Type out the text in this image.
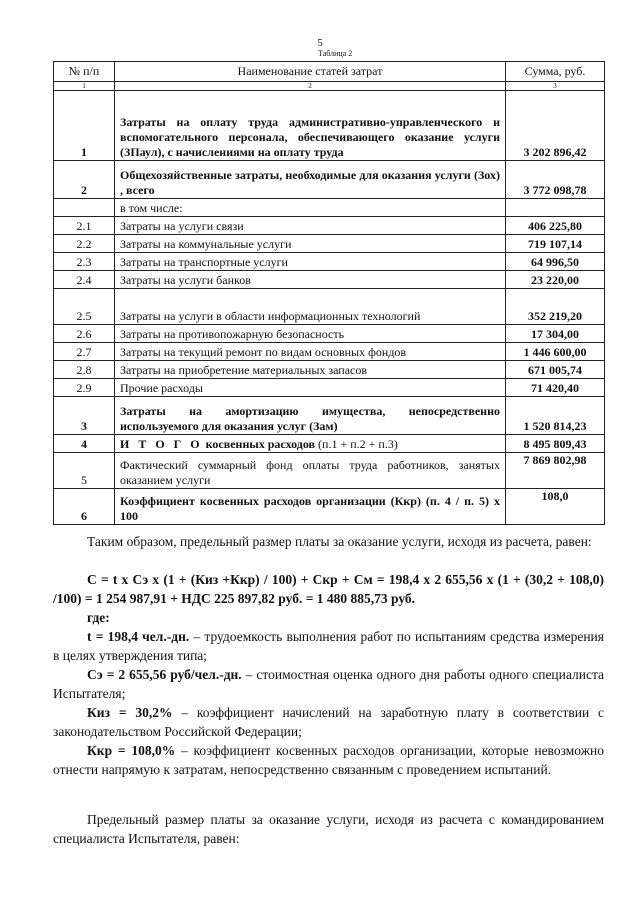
5
Таблица 2
№ п/п	Наименование статей затрат	Сумма, руб.
1	2	3
1	Затраты на оплату труда административно-управленческого и вспомогательного персонала, обеспечивающего оказание услуги (ЗПаул), с начислениями на оплату труда	3 202 896,42
2	Общехозяйственные затраты, необходимые для оказания услуги (Зох) , всего	3 772 098,78
	в том числе:	
2.1	Затраты на услуги связи	406 225,80
2.2	Затраты на коммунальные услуги	719 107,14
2.3	Затраты на транспортные услуги	64 996,50
2.4	Затраты на услуги банков	23 220,00
2.5	Затраты на услуги в области информационных технологий	352 219,20
2.6	Затраты на противопожарную безопасность	17 304,00
2.7	Затраты на текущий ремонт по видам основных фондов	1 446 600,00
2.8	Затраты на приобретение материальных запасов	671 005,74
2.9	Прочие расходы	71 420,40
3	Затраты на амортизацию имущества, непосредственно используемого для оказания услуг (Зам)	1 520 814,23
4	И Т О Г О косвенных расходов (п.1 + п.2 + п.3)	8 495 809,43
5	Фактический суммарный фонд оплаты труда работников, занятых оказанием услуги	7 869 802,98
6	Коэффициент косвенных расходов организации (Ккр) (п. 4 / п. 5) х 100	108,0

Таким образом, предельный размер платы за оказание услуги, исходя из расчета, равен:

С = t х Сэ х (1 + (Киз +Ккр) / 100) + Скр + См = 198,4 х 2 655,56 х (1 + (30,2 + 108,0) /100) = 1 254 987,91 + НДС 225 897,82 руб. = 1 480 885,73 руб.

где:

t = 198,4 чел.-дн. – трудоемкость выполнения работ по испытаниям средства измерения в целях утверждения типа;

Сэ = 2 655,56 руб/чел.-дн. – стоимостная оценка одного дня работы одного специалиста Испытателя;

Киз = 30,2% – коэффициент начислений на заработную плату в соответствии с законодательством Российской Федерации;

Ккр = 108,0% – коэффициент косвенных расходов организации, которые невозможно отнести напрямую к затратам, непосредственно связанным с проведением испытаний.

Предельный размер платы за оказание услуги, исходя из расчета с командированием специалиста Испытателя, равен:
